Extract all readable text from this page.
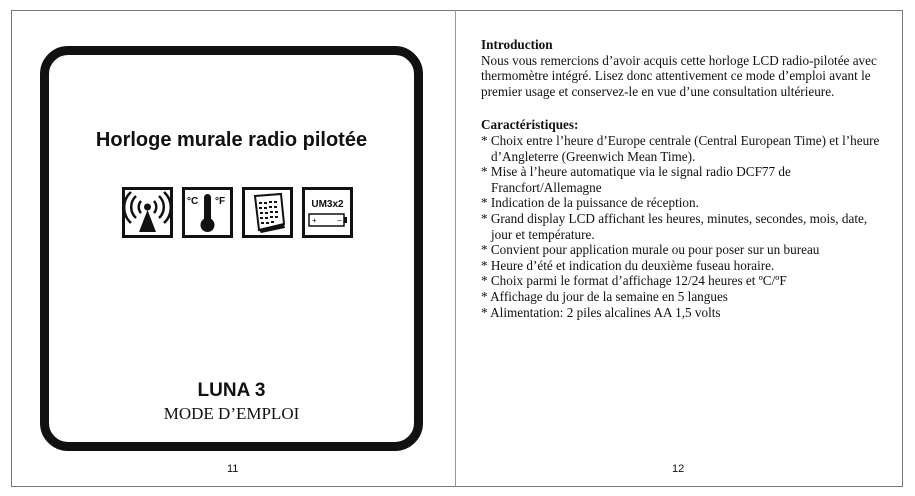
Horloge murale radio pilotée
°C °F	UM3x2
+	−
LUNA 3
MODE D’EMPLOI
11
Introduction
Nous vous remercions d’avoir acquis cette horloge LCD radio-pilotée avec thermomètre intégré. Lisez donc attentivement ce mode d’emploi avant le premier usage et conservez-le en vue d’une consultation ultérieure.
Caractéristiques:
* Choix entre l’heure d’Europe centrale (Central European Time) et l’heure d’Angleterre (Greenwich Mean Time).
* Mise à l’heure automatique via le signal radio DCF77 de Francfort/Allemagne
* Indication de la puissance de réception.
* Grand display LCD affichant les heures, minutes, secondes, mois, date, jour et température.
* Convient pour application murale ou pour poser sur un bureau
* Heure d’été et indication du deuxième fuseau horaire.
* Choix parmi le format d’affichage 12/24 heures et ºC/ºF
* Affichage du jour de la semaine en 5 langues
* Alimentation: 2 piles alcalines AA 1,5 volts
12
